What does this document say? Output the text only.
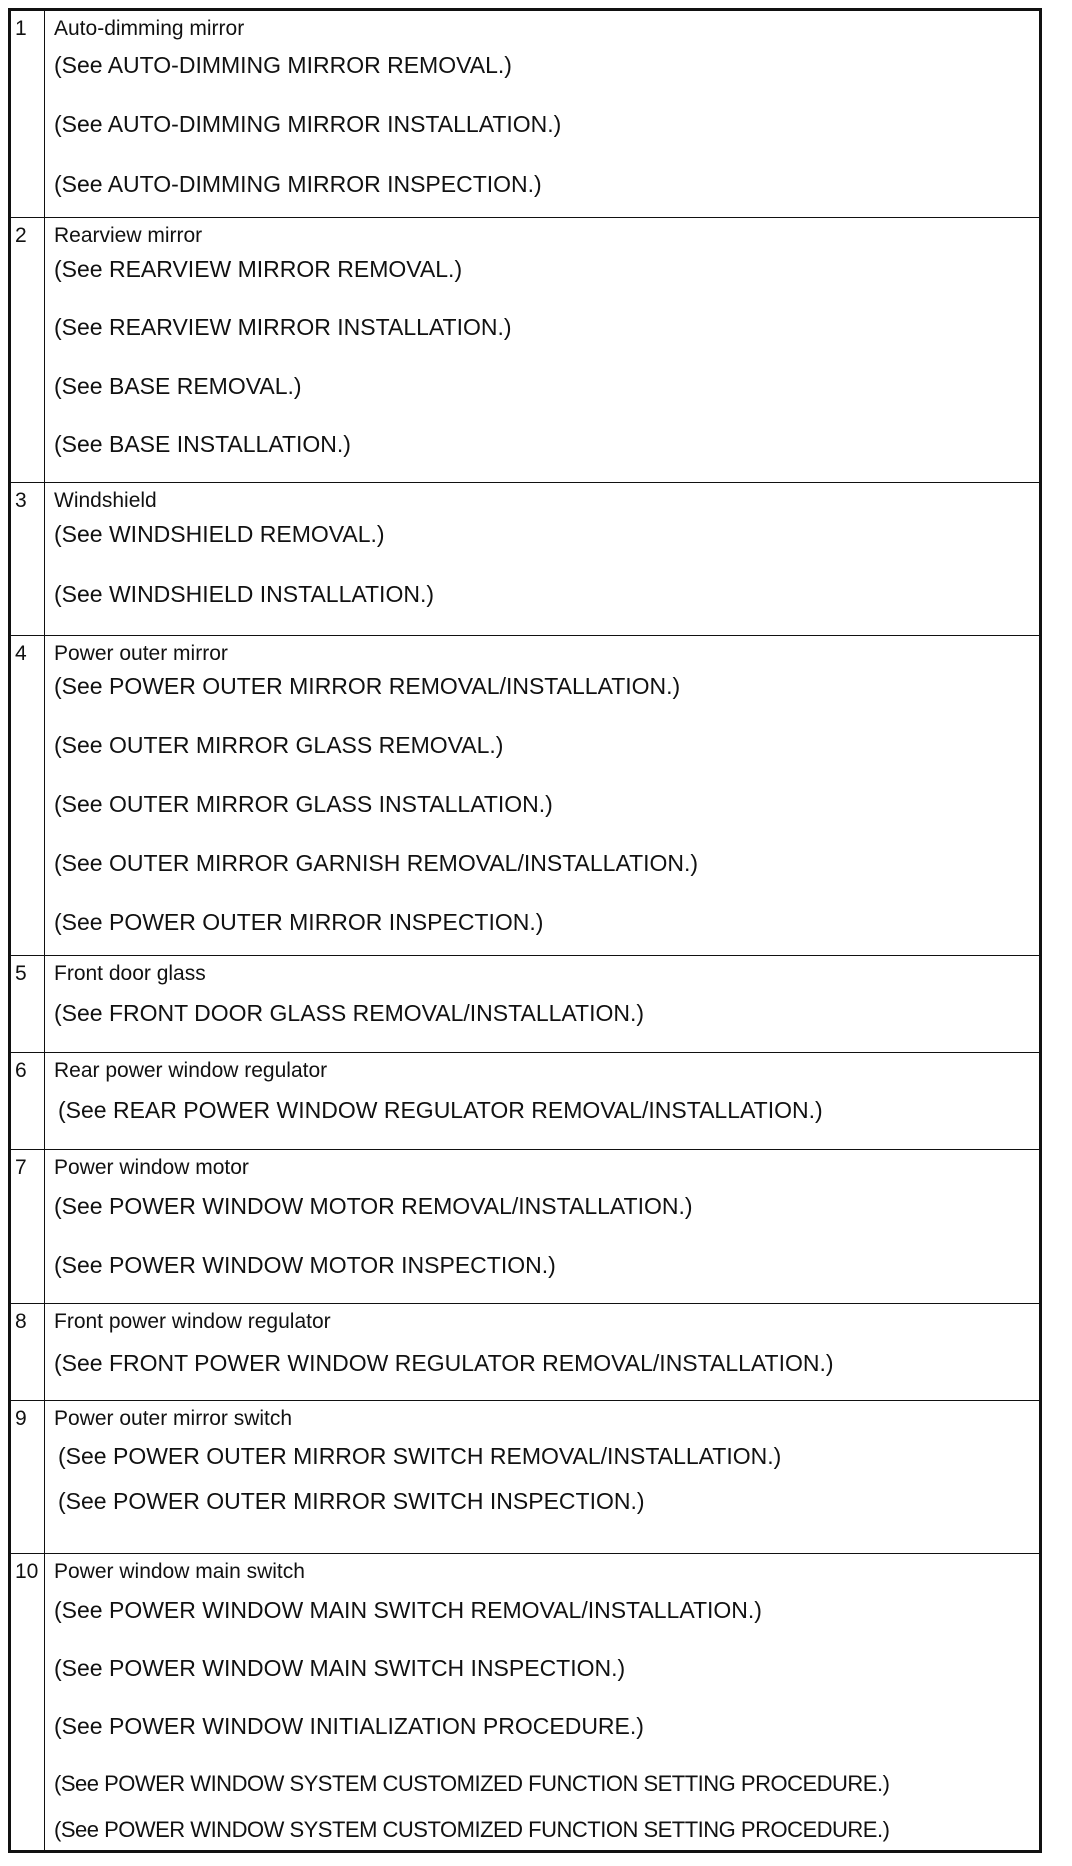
1 Auto-dimming mirror
(See AUTO-DIMMING MIRROR REMOVAL.)
(See AUTO-DIMMING MIRROR INSTALLATION.)
(See AUTO-DIMMING MIRROR INSPECTION.)
2 Rearview mirror
(See REARVIEW MIRROR REMOVAL.)
(See REARVIEW MIRROR INSTALLATION.)
(See BASE REMOVAL.)
(See BASE INSTALLATION.)
3 Windshield
(See WINDSHIELD REMOVAL.)
(See WINDSHIELD INSTALLATION.)
4 Power outer mirror
(See POWER OUTER MIRROR REMOVAL/INSTALLATION.)
(See OUTER MIRROR GLASS REMOVAL.)
(See OUTER MIRROR GLASS INSTALLATION.)
(See OUTER MIRROR GARNISH REMOVAL/INSTALLATION.)
(See POWER OUTER MIRROR INSPECTION.)
5 Front door glass
(See FRONT DOOR GLASS REMOVAL/INSTALLATION.)
6 Rear power window regulator
(See REAR POWER WINDOW REGULATOR REMOVAL/INSTALLATION.)
7 Power window motor
(See POWER WINDOW MOTOR REMOVAL/INSTALLATION.)
(See POWER WINDOW MOTOR INSPECTION.)
8 Front power window regulator
(See FRONT POWER WINDOW REGULATOR REMOVAL/INSTALLATION.)
9 Power outer mirror switch
(See POWER OUTER MIRROR SWITCH REMOVAL/INSTALLATION.)
(See POWER OUTER MIRROR SWITCH INSPECTION.)
10 Power window main switch
(See POWER WINDOW MAIN SWITCH REMOVAL/INSTALLATION.)
(See POWER WINDOW MAIN SWITCH INSPECTION.)
(See POWER WINDOW INITIALIZATION PROCEDURE.)
(See POWER WINDOW SYSTEM CUSTOMIZED FUNCTION SETTING PROCEDURE.)
(See POWER WINDOW SYSTEM CUSTOMIZED FUNCTION SETTING PROCEDURE.)
